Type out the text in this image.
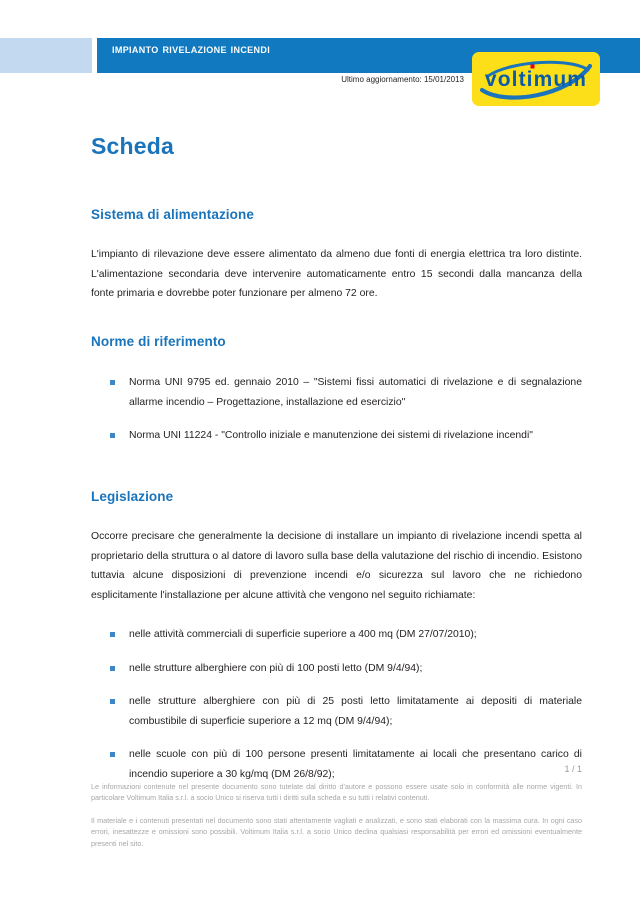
impianto rivelazione incendi
Ultimo aggiornamento: 15/01/2013 voltimum
Scheda
Sistema di alimentazione

L'impianto di rilevazione deve essere alimentato da almeno due fonti di energia elettrica tra loro distinte. L'alimentazione secondaria deve intervenire automaticamente entro 15 secondi dalla mancanza della fonte primaria e dovrebbe poter funzionare per almeno 72 ore.

Norme di riferimento
Norma UNI 9795 ed. gennaio 2010 – "Sistemi fissi automatici di rivelazione e di segnalazione allarme incendio – Progettazione, installazione ed esercizio"
Norma UNI 11224 - "Controllo iniziale e manutenzione dei sistemi di rivelazione incendi"
Legislazione

Occorre precisare che generalmente la decisione di installare un impianto di rivelazione incendi spetta al proprietario della struttura o al datore di lavoro sulla base della valutazione del rischio di incendio. Esistono tuttavia alcune disposizioni di prevenzione incendi e/o sicurezza sul lavoro che ne richiedono esplicitamente l'installazione per alcune attività che vengono nel seguito richiamate:

nelle attività commerciali di superficie superiore a 400 mq (DM 27/07/2010);
nelle strutture alberghiere con più di 100 posti letto (DM 9/4/94);
nelle strutture alberghiere con più di 25 posti letto limitatamente ai depositi di materiale combustibile di superficie superiore a 12 mq (DM 9/4/94);
nelle scuole con più di 100 persone presenti limitatamente ai locali che presentano carico di incendio superiore a 30 kg/mq (DM 26/8/92);	1 / 1

Le informazioni contenute nel presente documento sono tutelate dal diritto d'autore e possono essere usate solo in conformità alle norme vigenti. In particolare Voltimum Italia s.r.l. a socio Unico si riserva tutti i diritti sulla scheda e su tutti i relativi contenuti.

Il materiale e i contenuti presentati nel documento sono stati attentamente vagliati e analizzati, e sono stati elaborati con la massima cura. In ogni caso errori, inesattezze e omissioni sono possibili. Voltimum Italia s.r.l. a socio Unico declina qualsiasi responsabilità per errori ed omissioni eventualmente presenti nel sito.
